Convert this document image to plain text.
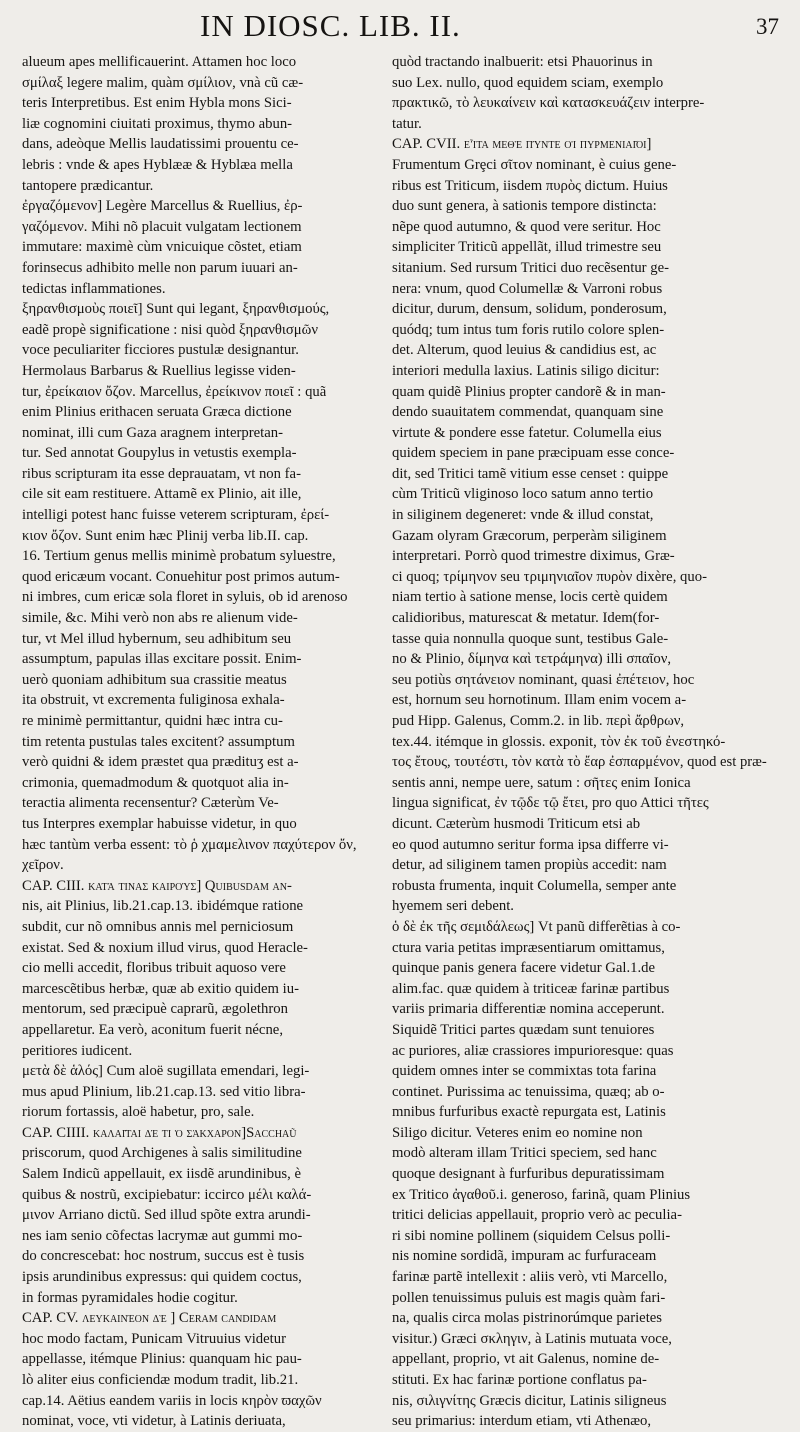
IN DIOSC. LIB. II.	37
alueum apes mellificauerint. Attamen hoc loco
σμίλαξ legere malim, quàm σμίλιον, vnà cũ cæ-
teris Interpretibus. Est enim Hybla mons Sici-
liæ cognomini ciuitati proximus, thymo abun-
dans, adeòque Mellis laudatissimi prouentu ce-
lebris : vnde & apes Hyblææ & Hyblæa mella
tantopere prædicantur.
ἐργαζόμενον] Legère Marcellus & Ruellius, ἐρ-
γαζόμενον. Mihi nõ placuit vulgatam lectionem
immutare: maximè cùm vnicuique cõstet, etiam
forinsecus adhibito melle non parum iuuari an-
tedictas inflammationes.
ξηρανθισμοὺς ποιεῖ] Sunt qui legant, ξηρανθισμούς,
eadẽ propè significatione : nisi quòd ξηρανθισμῶν
voce peculiariter ficciores pustulæ designantur.
Hermolaus Barbarus & Ruellius legisse viden-
tur, ἐρείκαιον ὄζον. Marcellus, ἐρείκινον ποιεῖ : quã
enim Plinius erithacen seruata Græca dictione
nominat, illi cum Gaza aragnem interpretan-
tur. Sed annotat Goupylus in vetustis exempla-
ribus scripturam ita esse deprauatam, vt non fa-
cile sit eam restituere. Attamẽ ex Plinio, ait ille,
intelligi potest hanc fuisse veterem scripturam, ἐρεί-
κιον ὄζον. Sunt enim hæc Plinij verba lib.II. cap.
16. Tertium genus mellis minimè probatum syluestre,
quod ericæum vocant. Conuehitur post primos autum-
ni imbres, cum ericæ sola floret in syluis, ob id arenoso
simile, &c. Mihi verò non abs re alienum vide-
tur, vt Mel illud hybernum, seu adhibitum seu
assumptum, papulas illas excitare possit. Enim-
uerò quoniam adhibitum sua crassitie meatus
ita obstruit, vt excrementa fuliginosa exhala-
re minimè permittantur, quidni hæc intra cu-
tim retenta pustulas tales excitent? assumptum
verò quidni & idem præstet qua prædituʒ est a-
crimonia, quemadmodum & quotquot alia in-
teractia alimenta recensentur? Cæterùm Ve-
tus Interpres exemplar habuisse videtur, in quo
hæc tantùm verba essent: τὸ ῥ χμαμελινον παχύτερον ὄν,
χεῖρον.
CAP. CIII. κατά τινας καιρούς] Quibusdam an-
nis, ait Plinius, lib.21.cap.13. ibidémque ratione
subdit, cur nõ omnibus annis mel perniciosum
existat. Sed & noxium illud virus, quod Heracle-
cio melli accedit, floribus tribuit aquoso vere
marcescẽtibus herbæ, quæ ab exitio quidem iu-
mentorum, sed præcipuè caprarũ, ægolethron
appellaretur. Ea verò, aconitum fuerit nécne,
peritiores iudicent.
μετὰ δὲ ἁλός] Cum aloë sugillata emendari, legi-
mus apud Plinium, lib.21.cap.13. sed vitio libra-
riorum fortassis, aloë habetur, pro, sale.
CAP. CIIII. καλαῖται δέ τι ὁ σάκχαρον]Sacchaũ
priscorum, quod Archigenes à salis similitudine
Salem Indicũ appellauit, ex iisdẽ arundinibus, è
quibus & nostrũ, excipiebatur: iccirco μέλι καλά-
μινον Arriano dictũ. Sed illud spõte extra arundi-
nes iam senio cõfectas lacrymæ aut gummi mo-
do concrescebat: hoc nostrum, succus est è tusis
ipsis arundinibus expressus: qui quidem coctus,
in formas pyramidales hodie cogitur.
CAP. CV. λευκαινέον δὲ ] Ceram candidam
hoc modo factam, Punicam Vitruuius videtur
appellasse, itémque Plinius: quanquam hic pau-
lò aliter eius conficiendæ modum tradit, lib.21.
cap.14. Aëtius eandem variis in locis κηρὸν ϖαχῶν
nominat, voce, vti videtur, à Latinis deriuata,
quòd tractando inalbuerit: etsi Phauorinus in
suo Lex. nullo, quod equidem sciam, exemplo
πρακτικῶ, τὸ λευκαίνειν καὶ κατασκευάζειν interpre-
tatur.
CAP. CVII. εἶτα μεθὲ πύντε οἱ πυρμενιαῖοι]
Frumentum Grȩci σῖτον nominant, è cuius gene-
ribus est Triticum, iisdem πυρὸς dictum. Huius
duo sunt genera, à sationis tempore distincta:
nẽpe quod autumno, & quod vere seritur. Hoc
simpliciter Triticũ appellãt, illud trimestre seu
sitanium. Sed rursum Tritici duo recẽsentur ge-
nera: vnum, quod Columellæ & Varroni robus
dicitur, durum, densum, solidum, ponderosum,
quódq; tum intus tum foris rutilo colore splen-
det. Alterum, quod leuius & candidius est, ac
interiori medulla laxius. Latinis siligo dicitur:
quam quidẽ Plinius propter candorẽ & in man-
dendo suauitatem commendat, quanquam sine
virtute & pondere esse fatetur. Columella eius
quidem speciem in pane præcipuam esse conce-
dit, sed Tritici tamẽ vitium esse censet : quippe
cùm Triticũ vliginoso loco satum anno tertio
in siliginem degeneret: vnde & illud constat,
Gazam olyram Græcorum, perperàm siliginem
interpretari. Porrò quod trimestre diximus, Græ-
ci quoq; τρίμηνον seu τριμηνιαῖον πυρὸν dixère, quo-
niam tertio à satione mense, locis certè quidem
calidioribus, maturescat & metatur. Idem(for-
tasse quia nonnulla quoque sunt, testibus Gale-
no & Plinio, δίμηνα καὶ τετράμηνα) illi σπαῖον,
seu potiùs σητάνειον nominant, quasi ἐπέτειον, hoc
est, hornum seu hornotinum. Illam enim vocem a-
pud Hipp. Galenus, Comm.2. in lib. περὶ ἄρθρων,
tex.44. itémque in glossis. exponit, τὸν ἐκ τοῦ ἐνεστηκό-
τος ἔτους, τουτέστι, τὸν κατὰ τὸ ἔαρ ἐσπαρμένον, quod est præ-
sentis anni, nempe uere, satum : σῆτες enim Ionica
lingua significat, ἐν τῷδε τῷ ἔτει, pro quo Attici τῆτες
dicunt. Cæterùm husmodi Triticum etsi ab
eo quod autumno seritur forma ipsa differre vi-
detur, ad siliginem tamen propiùs accedit: nam
robusta frumenta, inquit Columella, semper ante
hyemem seri debent.
ὁ δὲ ἐκ τῆς σεμιδάλεως] Vt panũ differẽtias à co-
ctura varia petitas impræsentiarum omittamus,
quinque panis genera facere videtur Gal.1.de
alim.fac. quæ quidem à triticeæ farinæ partibus
variis primaria differentiæ nomina acceperunt.
Siquidẽ Tritici partes quædam sunt tenuiores
ac puriores, aliæ crassiores impurioresque: quas
quidem omnes inter se commixtas tota farina
continet. Purissima ac tenuissima, quæq; ab o-
mnibus furfuribus exactè repurgata est, Latinis
Siligo dicitur. Veteres enim eo nomine non
modò alteram illam Tritici speciem, sed hanc
quoque designant à furfuribus depuratissimam
ex Tritico ἀγαθοῦ.i. generoso, farinã, quam Plinius
tritici delicias appellauit, proprio verò ac peculia-
ri sibi nomine pollinem (siquidem Celsus polli-
nis nomine sordidã, impuram ac furfuraceam
farinæ partẽ intellexit : aliis verò, vti Marcello,
pollen tenuissimus puluis est magis quàm fari-
na, qualis circa molas pistrinorúmque parietes
visitur.) Græci σκληγιν, à Latinis mutuata voce,
appellant, proprio, vt ait Galenus, nomine de-
stituti. Ex hac farinæ portione conflatus pa-
nis, σιλιγνίτης Græcis dicitur, Latinis siligneus
seu primarius: interdum etiam, vti Athenæo,
